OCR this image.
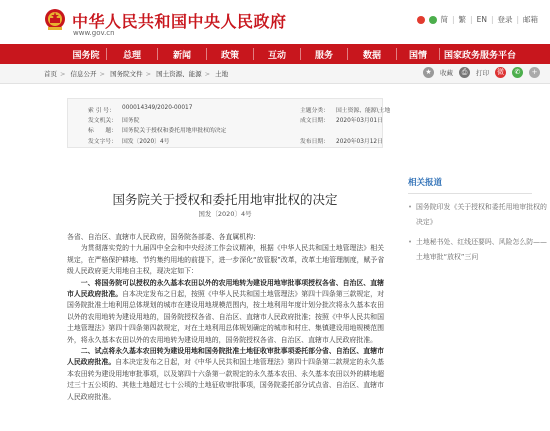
中华人民共和国中央人民政府
www.gov.cn
简 | 繁 | EN | 登录 | 邮箱
国务院	总理	新闻	政策	互动	服务	数据	国情	国家政务服务平台
首页 > 信息公开 > 国务院文件 > 国土资源、能源 > 土地	★	收藏	⎙	打印 微	✆	+
索 引 号： 000014349/2020-00017	主题分类： 国土资源、能源\土地
发文机关： 国务院	成文日期： 2020年03月01日
标　　题： 国务院关于授权和委托用地审批权的决定
发文字号： 国发〔2020〕4号	发布日期： 2020年03月12日
国务院关于授权和委托用地审批权的决定
国发〔2020〕4号

各省、自治区、直辖市人民政府，国务院各部委、各直属机构：

为贯彻落实党的十九届四中全会和中央经济工作会议精神，根据《中华人民共和国土地管理法》相关规定，在严格保护耕地、节约集约用地的前提下，进一步深化“放管服”改革，改革土地管理制度，赋予省级人民政府更大用地自主权，现决定如下：

一、将国务院可以授权的永久基本农田以外的农用地转为建设用地审批事项授权各省、自治区、直辖市人民政府批准。自本决定发布之日起，按照《中华人民共和国土地管理法》第四十四条第三款规定，对国务院批准土地利用总体规划的城市在建设用地规模范围内，按土地利用年度计划分批次将永久基本农田以外的农用地转为建设用地的，国务院授权各省、自治区、直辖市人民政府批准；按照《中华人民共和国土地管理法》第四十四条第四款规定，对在土地利用总体规划确定的城市和村庄、集镇建设用地规模范围外，将永久基本农田以外的农用地转为建设用地的，国务院授权各省、自治区、直辖市人民政府批准。

二、试点将永久基本农田转为建设用地和国务院批准土地征收审批事项委托部分省、自治区、直辖市人民政府批准。自本决定发布之日起，对《中华人民共和国土地管理法》第四十四条第二款规定的永久基本农田转为建设用地审批事项，以及第四十六条第一款规定的永久基本农田、永久基本农田以外的耕地超过三十五公顷的、其他土地超过七十公顷的土地征收审批事项，国务院委托部分试点省、自治区、直辖市人民政府批准。

相关报道
• 国务院印发《关于授权和委托用地审批权的决定》
• 土地秘书处、红线还要吗、风险怎么防——土地审批“放权”三问
